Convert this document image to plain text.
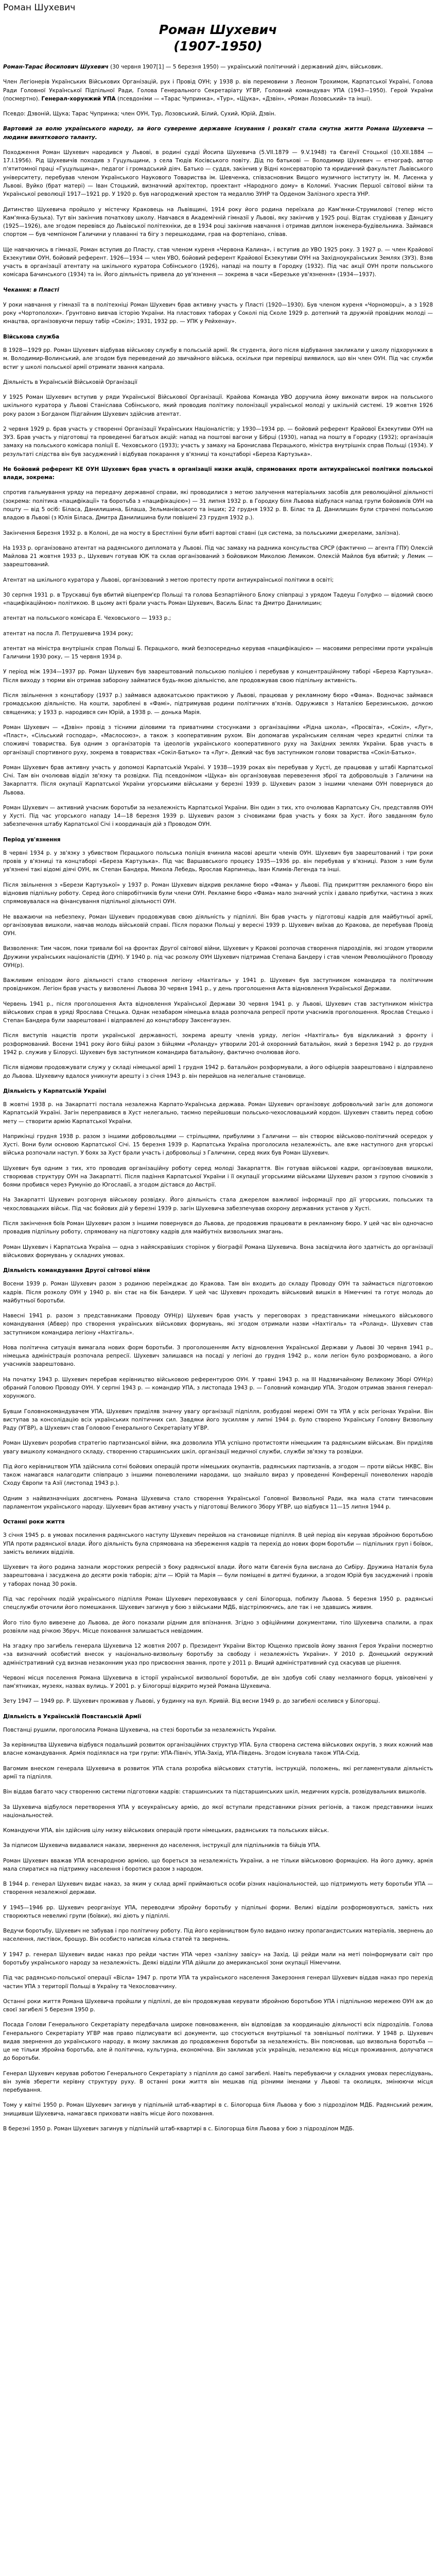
Роман Шухевич
Роман Шухевич
(1907-1950)

Роман-Тарас Йосипович Шухевич (30 червня 1907[1] — 5 березня 1950) — український політичний і державний діяч, військовик.

Член Легіонерів Українських Військових Організацій, рух і Провід ОУН; у 1938 р. вів перемовини з Леоном Трохимом, Карпатської Україні, Голова Ради Головної Української Підпільної Ради, Голова Генерального Секретаріату УГВР, Головний командувач УПА (1943—1950). Герой України (посмертно). Генерал-хорунжий УПА (псевдоніми — «Тарас Чупринка», «Тур», «Щука», «Дзвін», «Роман Лозовський» та інші).

Псевдо: Дзвоній, Щука; Тарас Чупринка; член ОУН, Тур, Лозовський, Білий, Сухий, Юрій, Дзвін.

Вартовий за волю українського народу, за його суверенне державне існування і розквіт стала смутна життя Романа Шухевича — людини виняткового таланту.

Походження Роман Шухевич народився у Львові, в родині судді Йосипа Шухевича (5.VII.1879 — 9.V.1948) та Євгенії Стоцької (10.XII.1884 — 17.I.1956). Рід Шухевичів походив з Гуцульщини, з села Тюдів Косівського повіту. Дід по батькові — Володимир Шухевич — етнограф, автор п'ятитомної праці «Гуцульщина», педагог і громадський діяч. Батько — суддя, закінчив у Відні консерваторію та юридичний факультет Львівського університету, перебував членом Українського Наукового Товариства ім. Шевченка, співзасновник Вищого музичного інституту ім. М. Лисенка у Львові. Вуйко (брат матері) — Іван Стоцький, визначний архітектор, проектант «Народного дому» в Коломиї. Учасник Першої світової війни та Української революції 1917—1921 рр. У 1920 р. був нагороджений хрестом та медаллю ЗУНР та Орденом Залізного хреста УНР.

Дитинство Шухевича пройшло у містечку Краковець на Львівщині, 1914 року його родина переїхала до Кам'янки-Струмилової (тепер місто Кам'янка-Бузька). Тут він закінчив початкову школу. Навчався в Академічній гімназії у Львові, яку закінчив у 1925 році. Відтак студіював у Данцигу (1925—1926), але згодом перевівся до Львівської політехніки, де в 1934 році закінчив навчання і отримав диплом інженера-будівельника. Займався спортом — був чемпіоном Галичини у плаванні та бігу з перешкодами, грав на фортепіано, співав.

Ще навчаючись в гімназії, Роман вступив до Пласту, став членом куреня «Червона Калина», і вступив до УВО 1925 року. З 1927 р. — член Крайової Екзекутиви ОУН, бойовий референт. 1926—1934 — член УВО, бойовий референт Крайової Екзекутиви ОУН на Західноукраїнських Землях (ЗУЗ). Взяв участь в організації атентату на шкільного куратора Собінського (1926), нападі на пошту в Городку (1932). Під час акції ОУН проти польського комісара Бачинського (1934) та ін. Його діяльність привела до ув'язнення — зокрема в часи «Березьке ув'язнення» (1934—1937).

Чекання: в Пласті

У роки навчання у гімназії та в політехніці Роман Шухевич брав активну участь у Пласті (1920—1930). Був членом куреня «Чорноморці», а з 1928 року «Чортополохи». Ґрунтовно вивчав історію України. На пластових таборах у Соколі під Сколе 1929 р. дотепний та дружній провідник молоді — юнацтва, організовуючи першу табір «Сокіл»; 1931, 1932 рр. — УПК у Рейхенау».

Військова служба

В 1928—1929 рр. Роман Шухевич відбував військову службу в польській армії. Як студента, його після відбування закликали у школу підхорунжих в м. Володимир-Волинський, але згодом був переведений до звичайного війська, оскільки при перевірці виявилося, що він член ОУН. Під час служби встиг у школі польської армії отримати звання капрала.

Діяльність в Українській Військовій Організації

У 1925 Роман Шухевич вступив у ряди Української Військової Організації. Крайова Команда УВО доручила йому виконати вирок на польського шкільного куратора у Львові Станіслава Собінського, який проводив політику полонізації української молоді у шкільній системі. 19 жовтня 1926 року разом з Богданом Підгайним Шухевич здійснив атентат.

2 червня 1929 р. брав участь у створенні Організації Українських Націоналістів; у 1930—1934 рр. — бойовий референт Крайової Екзекутиви ОУН на ЗУЗ. Брав участь у підготовці та проведенні багатьох акцій: напад на поштові вагони у Бібрці (1930), напад на пошту в Городку (1932); організація замаху на польського комісара поліції Е. Чеховського (1933); участь у замаху на Бронислава Пєрацького, міністра внутрішніх справ Польщі (1934). У результаті слідства він був засуджений і відбував покарання у в'язниці та концтаборі «Береза Картузька».

Не бойовий референт КЕ ОУН Шухевич брав участь в організації низки акцій, спрямованих проти антиукраїнської політики польської влади, зокрема:

спротив гальмування уряду на передачу державної справи, які проводилися з метою залучення матеріальних засобів для революційної діяльності (зокрема: політика «пацифікації» та боротьба з «пацифікацією») — 31 липня 1932 р. в Городку біля Львова відбулася напад групи бойовиків ОУН на пошту — від 5 осіб: Біласа, Данилишина, Білаша, Зельманівського та інших; 22 грудня 1932 р. В. Білас та Д. Данилишин були страчені польською владою в Львові (з Юлія Біласа, Дмитра Данилишина були повішені 23 грудня 1932 р.).

Закінчення Березня 1932 р. в Колоні, де на мосту в Брестлінні були вбиті вартові ставні (ця система, за польськими джерелами, залізна).

На 1933 р. організовано атентат на радянського дипломата у Львові. Під час замаху на радника консульства СРСР (фактично — агента ГПУ) Олексій Майлова 21 жовтня 1933 р., Шухевич готував ЮК та склав організований з бойовиком Миколою Лемиком. Олексій Майлов був вбитий; у Лемик — заарештований.

Атентат на шкільного куратора у Львові, організований з метою протесту проти антиукраїнської політики в освіті;

30 серпня 1931 р. в Трускавці був вбитий віцепрем'єр Польщі та голова Безпартійного Блоку співпраці з урядом Тадеуш Голуфко — відомий своєю «пацифікаційною» політикою. В цьому акті брали участь Роман Шухевич, Василь Білас та Дмитро Данилишин;

атентат на польського комісара Е. Чеховського — 1933 р.;

атентат на посла Л. Петрушевича 1934 року;

атентат на міністра внутрішніх справ Польщі Б. Пєрацького, який безпосередньо керував «пацифікацією» — масовими репресіями проти українців Галичини 1930 року, — 15 червня 1934 р.

У період між 1934—1937 рр. Роман Шухевич був заарештований польською поліцією і перебував у концентраційному таборі «Береза Картузька». Після виходу з тюрми він отримав заборону займатися будь-якою діяльністю, але продовжував свою підпільну активність.

Після звільнення з концтабору (1937 р.) займався адвокатською практикою у Львові, працював у рекламному бюро «Фама». Водночас займався громадською діяльністю. На кошти, зароблені в «Фамі», підтримував родини політичних в'язнів. Одружився з Наталією Березинською, дочкою священика; у 1933 р. народився син Юрій, а 1938 р. — донька Марія.

Роман Шухевич — «Дзвін» провід з тісними діловими та приватними стосунками з організаціями «Рідна школа», «Просвіта», «Сокіл», «Луг», «Пласт», «Сільський господар», «Маслосоюз», а також з кооперативним рухом. Він допомагав українським селянам через кредитні спілки та споживчі товариства. Був одним з організаторів та ідеологів українського кооперативного руху на Західних землях України. Брав участь в організації спортивного руху, зокрема в товариствах «Сокіл-Батько» та «Луг». Деякий час був заступником голови товариства «Сокіл-Батько».

Роман Шухевич брав активну участь у допомозі Карпатській Україні. У 1938—1939 роках він перебував у Хусті, де працював у штабі Карпатської Січі. Там він очолював відділ зв'язку та розвідки. Під псевдонімом «Щука» він організовував перевезення зброї та добровольців з Галичини на Закарпаття. Після окупації Карпатської України угорськими військами у березні 1939 р. Шухевич разом з іншими членами ОУН повернувся до Львова.

Роман Шухевич — активний учасник боротьби за незалежність Карпатської України. Він один з тих, хто очолював Карпатську Січ, представляв ОУН у Хусті. Під час угорського нападу 14—18 березня 1939 р. Шухевич разом з січовиками брав участь у боях за Хуст. Його завданням було забезпечення штабу Карпатської Січі і координація дій з Проводом ОУН.

Період ув'язнення

В червні 1934 р. у зв'язку з убивством Пєрацького польська поліція вчинила масові арешти членів ОУН. Шухевич був заарештований і три роки провів у в'язниці та концтаборі «Береза Картузька». Під час Варшавського процесу 1935—1936 рр. він перебував у в'язниці. Разом з ним були ув'язнені такі відомі діячі ОУН, як Степан Бандера, Микола Лебедь, Ярослав Карпинець, Іван Климів-Легенда та інші.

Після звільнення з «Берези Картузької» у 1937 р. Роман Шухевич відкрив рекламне бюро «Фама» у Львові. Під прикриттям рекламного бюро він відновив підпільну роботу. Серед його співробітників були члени ОУН. Рекламне бюро «Фама» мало значний успіх і давало прибутки, частина з яких спрямовувалася на фінансування підпільної діяльності ОУН.

Не вважаючи на небезпеку, Роман Шухевич продовжував свою діяльність у підпіллі. Він брав участь у підготовці кадрів для майбутньої армії, організовував вишколи, навчав молодь військовій справі. Після поразки Польщі у вересні 1939 р. Шухевич виїхав до Кракова, де перебував Провід ОУН.

Визволення: Тим часом, поки тривали бої на фронтах Другої світової війни, Шухевич у Кракові розпочав створення підрозділів, які згодом утворили Дружини українських націоналістів (ДУН). У 1940 р. під час розколу ОУН Шухевич підтримав Степана Бандеру і став членом Революційного Проводу ОУН(р).

Важливим епізодом його діяльності стало створення легіону «Нахтігаль» у 1941 р. Шухевич був заступником командира та політичним провідником. Легіон брав участь у визволенні Львова 30 червня 1941 р., у день проголошення Акта відновлення Української Держави.

Червень 1941 р., після проголошення Акта відновлення Української Держави 30 червня 1941 р. у Львові, Шухевич став заступником міністра військових справ в уряді Ярослава Стецька. Однак незабаром німецька влада розпочала репресії проти учасників проголошення. Ярослав Стецько і Степан Бандера були заарештовані і відправлені до концтабору Заксенгаузен.

Після виступів нацистів проти української державності, зокрема арешту членів уряду, легіон «Нахтігаль» був відкликаний з фронту і розформований. Восени 1941 року його бійці разом з бійцями «Роланду» утворили 201-й охоронний батальйон, який з березня 1942 р. до грудня 1942 р. служив у Білорусі. Шухевич був заступником командира батальйону, фактично очолював його.

Після відмови продовжувати служу у складі німецької армії 1 грудня 1942 р. батальйон розформували, а його офіцерів заарештовано і відправлено до Львова. Шухевичу вдалося уникнути арешту і з січня 1943 р. він перейшов на нелегальне становище.

Діяльність у Карпатській Україні

В жовтні 1938 р. на Закарпатті постала незалежна Карпато-Українська держава. Роман Шухевич організовує добровольчий загін для допомоги Карпатській Україні. Загін переправився в Хуст нелегально, таємно перейшовши польсько-чехословацький кордон. Шухевич ставить перед собою мету — створити армію Карпатської України.

Наприкінці грудня 1938 р. разом з іншими добровольцями — стрільцями, прибулими з Галичини — він створює військово-політичний осередок у Хусті. Вони були основою Карпатської Січі. 15 березня 1939 р. Карпатська Україна проголосила незалежність, але вже наступного дня угорські війська розпочали наступ. У боях за Хуст брали участь і добровольці з Галичини, серед яких був Роман Шухевич.

Шухевич був одним з тих, хто проводив організаційну роботу серед молоді Закарпаття. Він готував військові кадри, організовував вишколи, створював структуру ОУН на Закарпатті. Після падіння Карпатської України і її окупації угорськими військами Шухевич разом з групою січовиків з боями пробився через Румунію до Югославії, а згодом дістався до Австрії.

На Закарпатті Шухевич розгорнув військову розвідку. Його діяльність стала джерелом важливої інформації про дії угорських, польських та чехословацьких військ. Під час бойових дій у березні 1939 р. загін Шухевича забезпечував охорону державних установ у Хусті.

Після закінчення боїв Роман Шухевич разом з іншими повернувся до Львова, де продовжив працювати в рекламному бюро. У цей час він одночасно провадив підпільну роботу, спрямовану на підготовку кадрів для майбутніх визвольних змагань.

Роман Шухевич і Карпатська Україна — одна з найяскравіших сторінок у біографії Романа Шухевича. Вона засвідчила його здатність до організації військових формувань у складних умовах.

Діяльність командування Другої світової війни

Восени 1939 р. Роман Шухевич разом з родиною переїжджає до Кракова. Там він входить до складу Проводу ОУН та займається підготовкою кадрів. Після розколу ОУН у 1940 р. він стає на бік Бандери. У цей час Шухевич проходить військовий вишкіл в Німеччині та готує молодь до майбутньої боротьби.

Навесні 1941 р. разом з представниками Проводу ОУН(р) Шухевич брав участь у переговорах з представниками німецького військового командування (Абвер) про створення українських військових формувань, які згодом отримали назви «Нахтігаль» та «Роланд». Шухевич став заступником командира легіону «Нахтігаль».

Нова політична ситуація вимагала нових форм боротьби. З проголошенням Акту відновлення Української Держави у Львові 30 червня 1941 р., німецька адміністрація розпочала репресії. Шухевич залишався на посаді у легіоні до грудня 1942 р., коли легіон було розформовано, а його учасників заарештовано.

На початку 1943 р. Шухевич перебрав керівництво військовою референтурою ОУН. У травні 1943 р. на III Надзвичайному Великому Зборі ОУН(р) обраний Головою Проводу ОУН. У серпні 1943 р. — командир УПА, з листопада 1943 р. — Головний командир УПА. Згодом отримав звання генерал-хорунжого.

Бувши Головнокомандувачем УПА, Шухевич приділяв значну увагу організації підпілля, розбудові мережі ОУН та УПА у всіх регіонах України. Він виступав за консолідацію всіх українських політичних сил. Завдяки його зусиллям у липні 1944 р. було створено Українську Головну Визвольну Раду (УГВР), а Шухевич став Головою Генерального Секретаріату УГВР.

Роман Шухевич розробив стратегію партизанської війни, яка дозволила УПА успішно протистояти німецьким та радянським військам. Він приділяв увагу вишколу командного складу, створенню старшинських шкіл, організації медичної служби, служби зв'язку та розвідки.

Під його керівництвом УПА здійснила сотні бойових операцій проти німецьких окупантів, радянських партизанів, а згодом — проти військ НКВС. Він також намагався налагодити співпрацю з іншими поневоленими народами, що знайшло вираз у проведенні Конференції поневолених народів Сходу Європи та Азії (листопад 1943 р.).

Одним з найвизначніших досягнень Романа Шухевича стало створення Української Головної Визвольної Ради, яка мала стати тимчасовим парламентом українського народу. Шухевич брав активну участь у підготовці Великого Збору УГВР, що відбувся 11—15 липня 1944 р.

Останні роки життя

З січня 1945 р. в умовах посилення радянського наступу Шухевич перейшов на становище підпілля. В цей період він керував збройною боротьбою УПА проти радянської влади. Його діяльність була спрямована на збереження кадрів та перехід до нових форм боротьби — підпільних груп і боївок, замість великих відділів.

Шухевич та його родина зазнали жорстоких репресій з боку радянської влади. Його мати Євгенія була вислана до Сибіру. Дружина Наталія була заарештована і засуджена до десяти років таборів; діти — Юрій та Марія — були поміщені в дитячі будинки, а згодом Юрій був засуджений і провів у таборах понад 30 років.

Під час героїчних подій українського підпілля Роман Шухевич переховувався у селі Білогорща, поблизу Львова. 5 березня 1950 р. радянські спецслужби оточили його помешкання. Шухевич загинув у бою з військами МДБ, відстрілюючись, але так і не здавшись живим.

Його тіло було вивезене до Львова, де його показали рідним для впізнання. Згідно з офіційними документами, тіло Шухевича спалили, а прах розвіяли над річкою Збруч. Місце поховання залишається невідомим.

На згадку про загибель генерала Шухевича 12 жовтня 2007 р. Президент України Віктор Ющенко присвоїв йому звання Героя України посмертно «за визначний особистий внесок у національно-визвольну боротьбу за свободу і незалежність України». У 2010 р. Донецький окружний адміністративний суд визнав незаконним указ про присвоєння звання, проте у 2011 р. Вищий адміністративний суд скасував це рішення.

Червоні місця поселення Романа Шухевича в історії української визвольної боротьби, де він здобув собі славу незламного борця, увіковічені у пам'ятниках, музеях, назвах вулиць. У 2001 р. у Білогорщі відкрито музей Романа Шухевича.

Зету 1947 — 1949 рр. Р. Шухевич проживав у Львові, у будинку на вул. Кривій. Від весни 1949 р. до загибелі оселився у Білогорщі.

Діяльність в Українській Повстанській Армії

Повстанці рушили, проголосила Романа Шухевича, на стезі боротьби за незалежність України.

За керівництва Шухевича відбувся подальший розвиток організаційних структур УПА. Була створена система військових округів, з яких кожний мав власне командування. Армія поділялася на три групи: УПА-Північ, УПА-Захід, УПА-Південь. Згодом існувала також УПА-Схід.

Вагомим внеском генерала Шухевича в розвиток УПА стала розробка військових статутів, інструкцій, положень, які регламентували діяльність армії та підпілля.

Він віддав багато часу створенню системи підготовки кадрів: старшинських та підстаршинських шкіл, медичних курсів, розвідувальних вишколів.

За Шухевича відбулося перетворення УПА у всеукраїнську армію, до якої вступали представники різних регіонів, а також представники інших національностей.

Командуючи УПА, він здійснив цілу низку військових операцій проти німецьких, радянських та польських військ.

За підписом Шухевича видавалися накази, звернення до населення, інструкції для підпільників та бійців УПА.

Роман Шухевич вважав УПА всенародною армією, що бореться за незалежність України, а не тільки військовою формацією. На його думку, армія мала спиратися на підтримку населення і боротися разом з народом.

В 1944 р. генерал Шухевич видає наказ, за яким у склад армії приймаються особи різних національностей, що підтримують мету боротьби УПА — створення незалежної держави.

У 1945—1946 рр. Шухевич реорганізує УПА, переводячи збройну боротьбу у підпільні форми. Великі відділи розформовуються, замість них створюються невеликі групи (боївки), які діють у підпіллі.

Ведучи боротьбу, Шухевич не забував і про політичну роботу. Під його керівництвом було видано низку пропагандистських матеріалів, звернень до населення, листівок, брошур. Він особисто написав кілька статей та звернень.

У 1947 р. генерал Шухевич видає наказ про рейди частин УПА через «залізну завісу» на Захід. Ці рейди мали на меті поінформувати світ про боротьбу українського народу за незалежність. Деякі відділи УПА дійшли до американської зони окупації Німеччини.

Під час радянсько-польської операції «Вісла» 1947 р. проти УПА та українського населення Закерзоння генерал Шухевич віддав наказ про перехід частин УПА з території Польщі в Україну та Чехословаччину.

Останні роки життя Романа Шухевича пройшли у підпіллі, де він продовжував керувати збройною боротьбою УПА і підпільною мережею ОУН аж до своєї загибелі 5 березня 1950 р.

Посада Голови Генерального Секретаріату передбачала широке повноваження, він відповідав за координацію діяльності всіх підрозділів. Голова Генерального Секретаріату УГВР мав право підписувати всі документи, що стосуються внутрішньої та зовнішньої політики. У 1948 р. Шухевич видав звернення до українського народу, в якому закликав до продовження боротьби за незалежність. Він пояснював, що визвольна боротьба — це не тільки збройна боротьба, але й політична, культурна, економічна. Він закликав усіх українців, незалежно від місця проживання, долучатися до боротьби.

Генерал Шухевич керував роботою Генерального Секретаріату з підпілля до самої загибелі. Навіть перебуваючи у складних умовах переслідувань, він зумів зберегти керівну структуру руху. В останні роки життя він мешкав під різними іменами у Львові та околицях, змінюючи місця перебування.

Тому у квітні 1950 р. Роман Шухевич загинув у підпільній штаб-квартирі в с. Білогорща біля Львова у бою з підрозділом МДБ. Радянський режим, знищивши Шухевича, намагався приховати навіть місце його поховання.

В березні 1950 р. Роман Шухевич загинув у підпільній штаб-квартирі в с. Білогорща біля Львова у бою з підрозділом МДБ.
